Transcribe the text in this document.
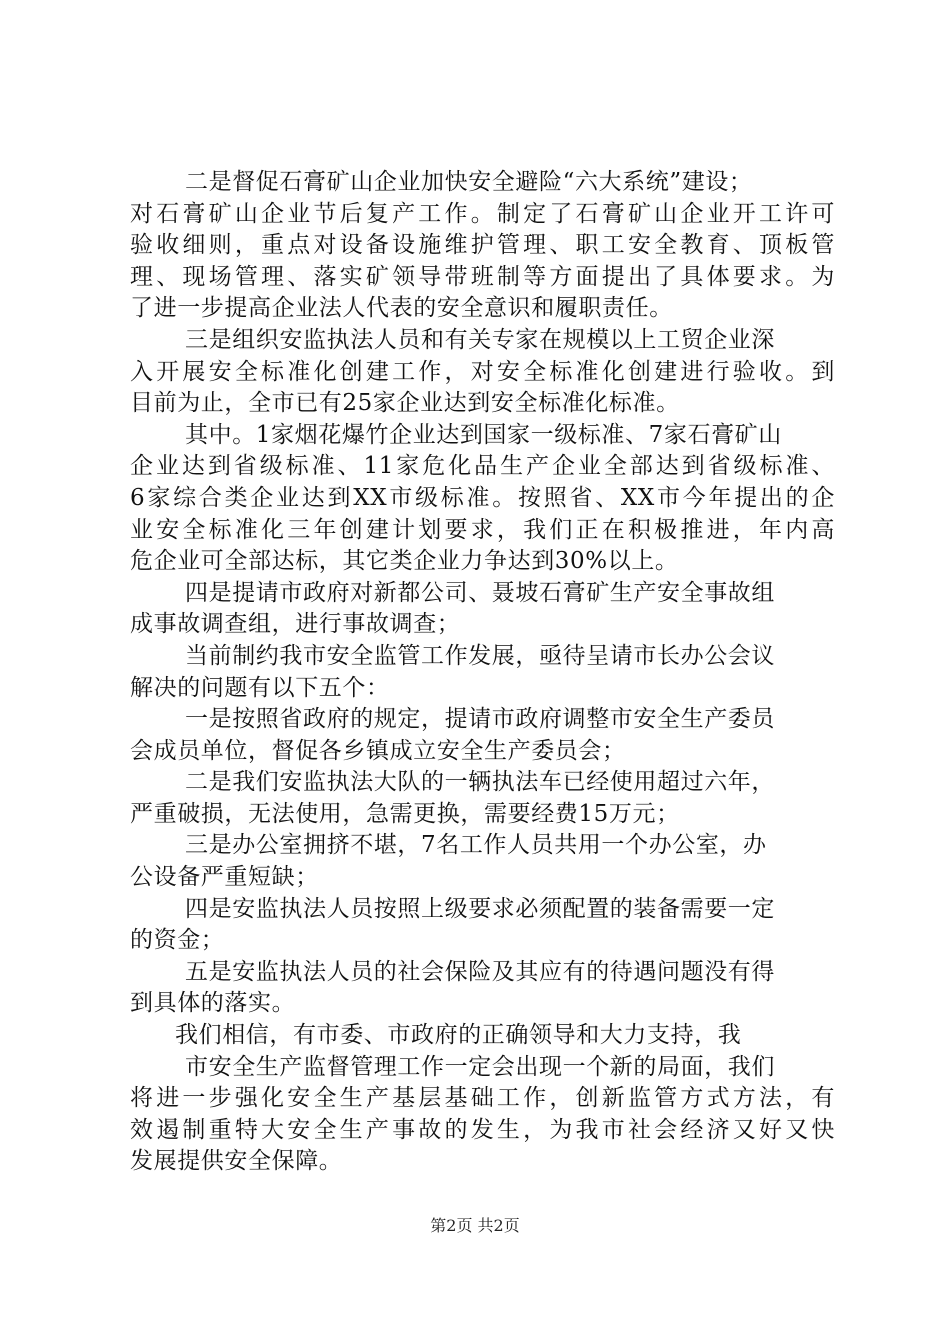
二是督促石膏矿山企业加快安全避险“六大系统”建设；
对石膏矿山企业节后复产工作。制定了石膏矿山企业开工许可
验收细则，重点对设备设施维护管理、职工安全教育、顶板管
理、现场管理、落实矿领导带班制等方面提出了具体要求。为
了进一步提高企业法人代表的安全意识和履职责任。
三是组织安监执法人员和有关专家在规模以上工贸企业深
入开展安全标准化创建工作，对安全标准化创建进行验收。到
目前为止，全市已有25家企业达到安全标准化标准。
其中。1家烟花爆竹企业达到国家一级标准、7家石膏矿山
企业达到省级标准、11家危化品生产企业全部达到省级标准、
6家综合类企业达到XX市级标准。按照省、XX市今年提出的企
业安全标准化三年创建计划要求，我们正在积极推进，年内高
危企业可全部达标，其它类企业力争达到30%以上。
四是提请市政府对新都公司、聂坡石膏矿生产安全事故组
成事故调查组，进行事故调查；
当前制约我市安全监管工作发展，亟待呈请市长办公会议
解决的问题有以下五个：
一是按照省政府的规定，提请市政府调整市安全生产委员
会成员单位，督促各乡镇成立安全生产委员会；
二是我们安监执法大队的一辆执法车已经使用超过六年，
严重破损，无法使用，急需更换，需要经费15万元；
三是办公室拥挤不堪，7名工作人员共用一个办公室，办
公设备严重短缺；
四是安监执法人员按照上级要求必须配置的装备需要一定
的资金；
五是安监执法人员的社会保险及其应有的待遇问题没有得
到具体的落实。
我们相信，有市委、市政府的正确领导和大力支持，我
市安全生产监督管理工作一定会出现一个新的局面，我们
将进一步强化安全生产基层基础工作，创新监管方式方法，有
效遏制重特大安全生产事故的发生，为我市社会经济又好又快
发展提供安全保障。
第2页 共2页
